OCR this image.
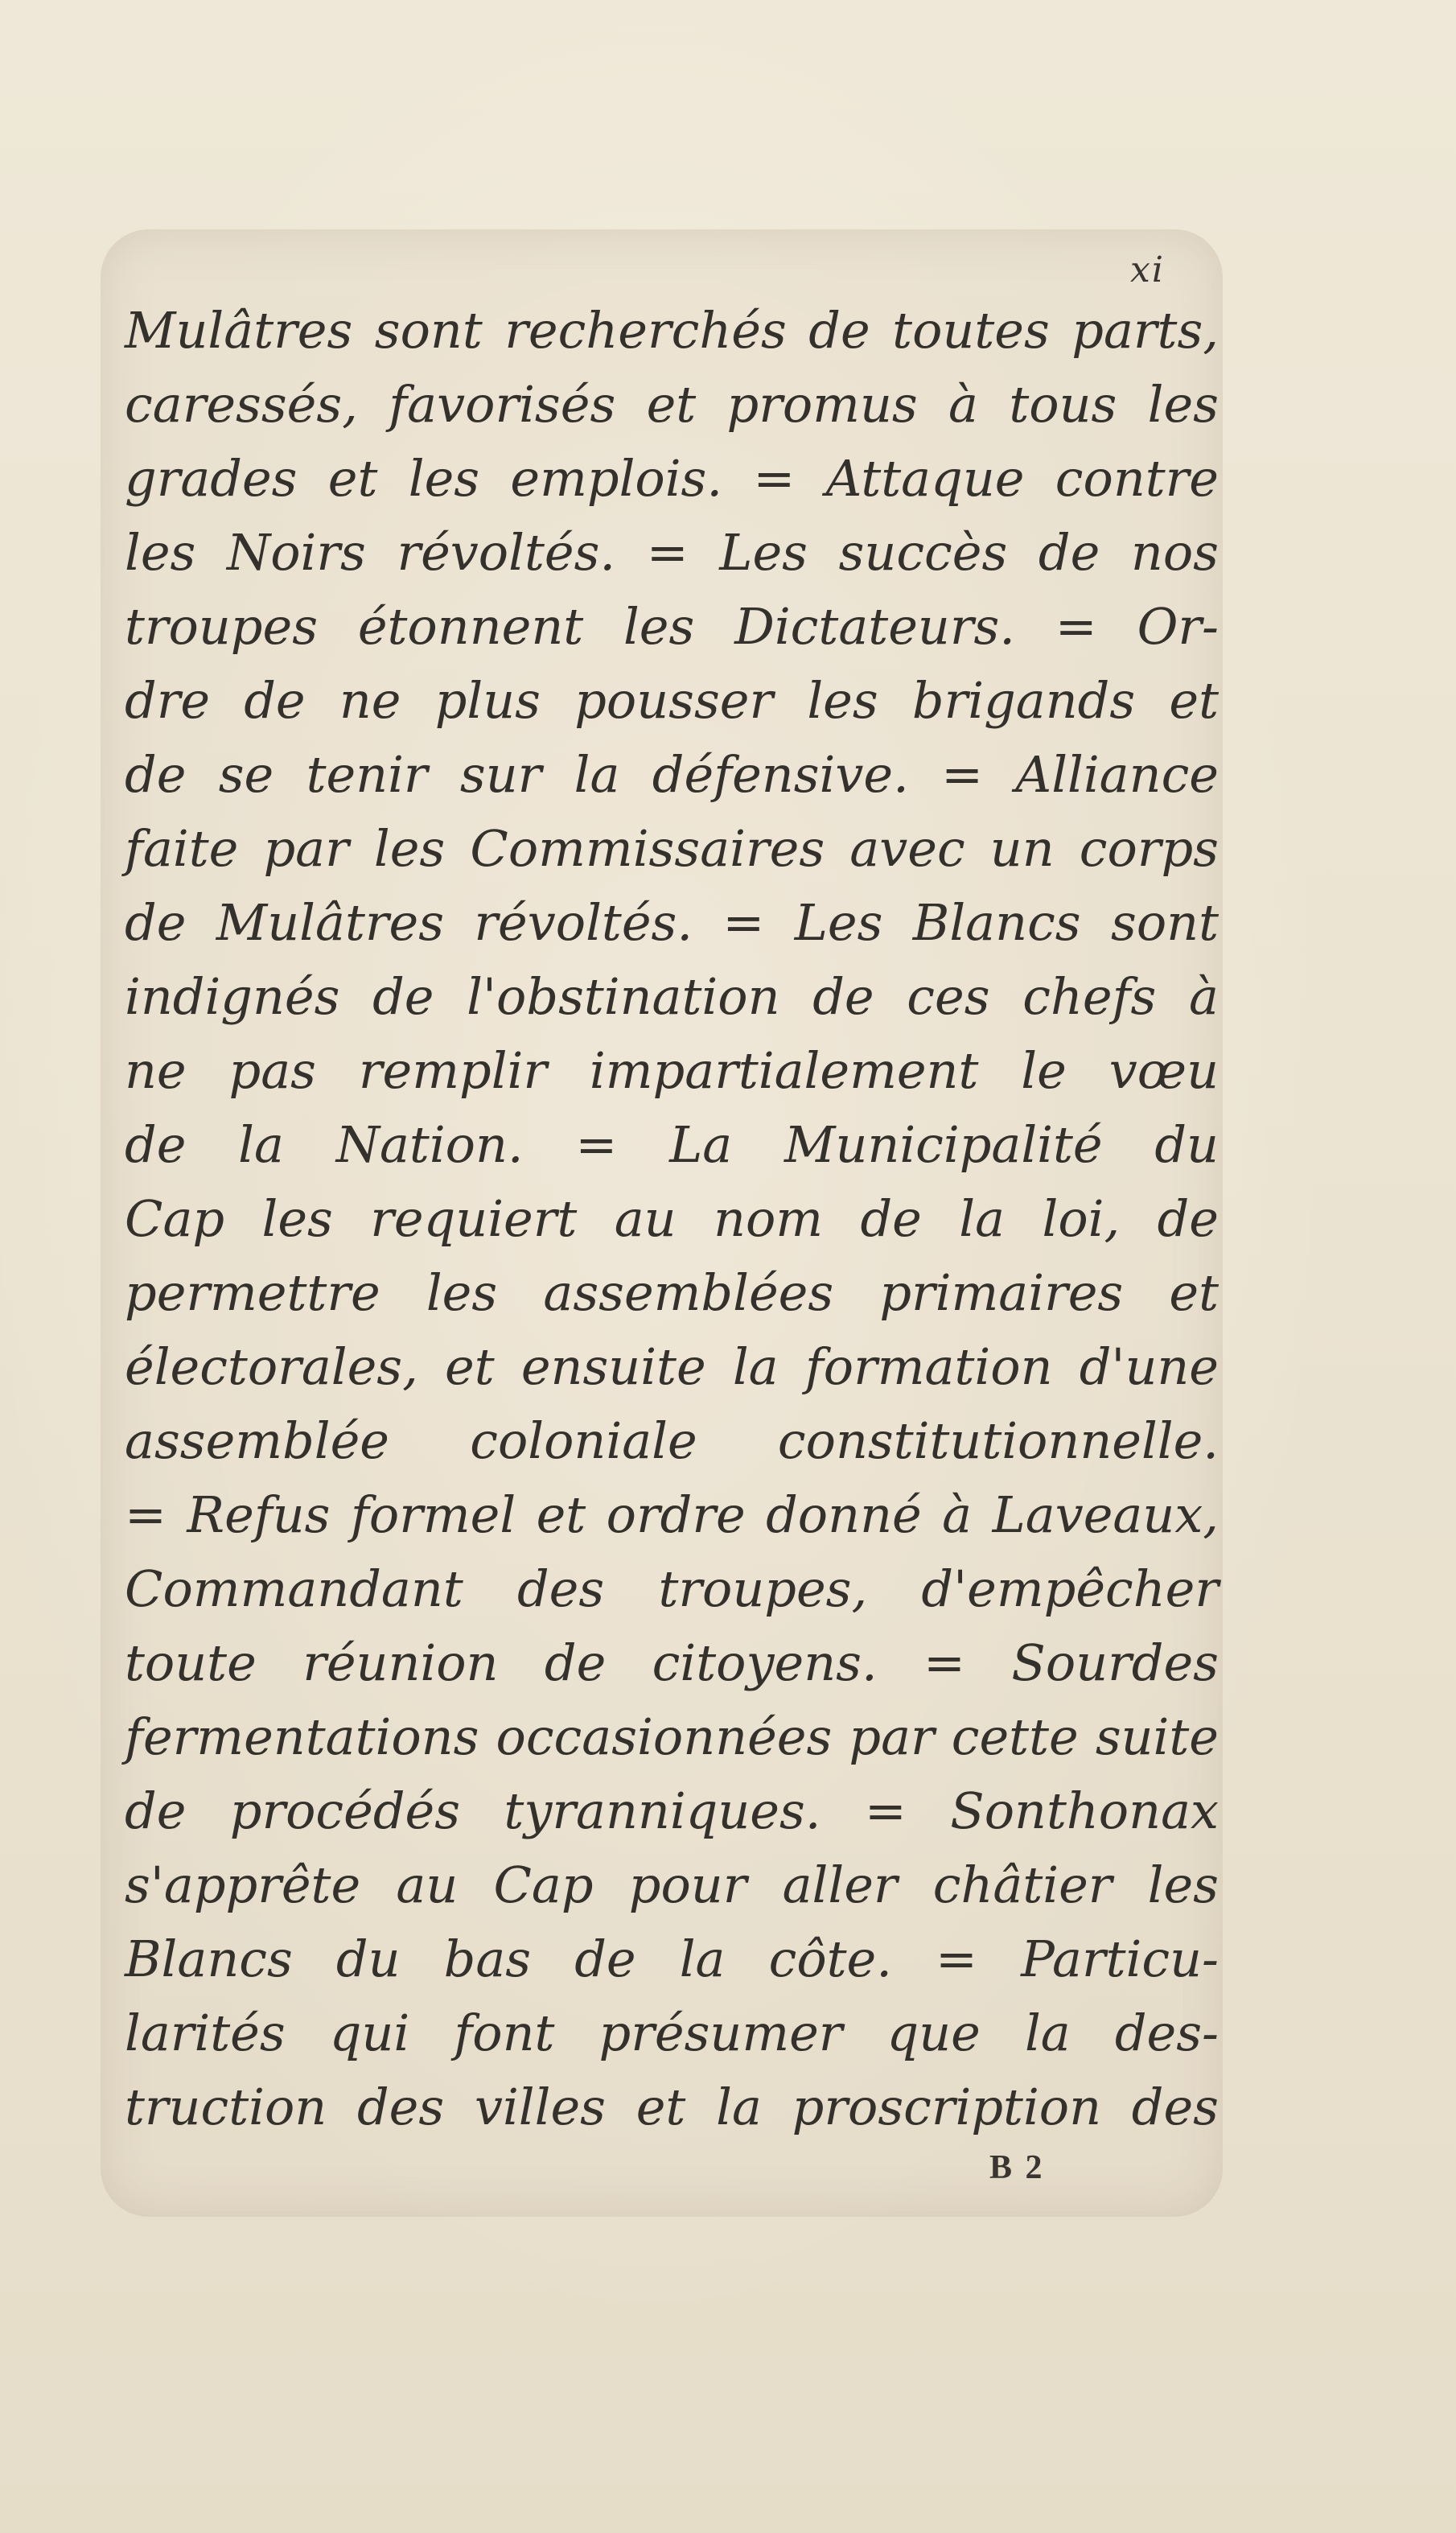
xi
Mulâtres sont recherchés de toutes parts,
caressés, favorisés et promus à tous les
grades et les emplois. = Attaque contre
les Noirs révoltés. = Les succès de nos
troupes étonnent les Dictateurs. = Or-
dre de ne plus pousser les brigands et
de se tenir sur la défensive. = Alliance
faite par les Commissaires avec un corps
de Mulâtres révoltés. = Les Blancs sont
indignés de l'obstination de ces chefs à
ne pas remplir impartialement le vœu
de la Nation. = La Municipalité du
Cap les requiert au nom de la loi, de
permettre les assemblées primaires et
électorales, et ensuite la formation d'une
assemblée coloniale constitutionnelle.
= Refus formel et ordre donné à Laveaux,
Commandant des troupes, d'empêcher
toute réunion de citoyens. = Sourdes
fermentations occasionnées par cette suite
de procédés tyranniques. = Sonthonax
s'apprête au Cap pour aller châtier les
Blancs du bas de la côte. = Particu-
larités qui font présumer que la des-
truction des villes et la proscription des
B 2
